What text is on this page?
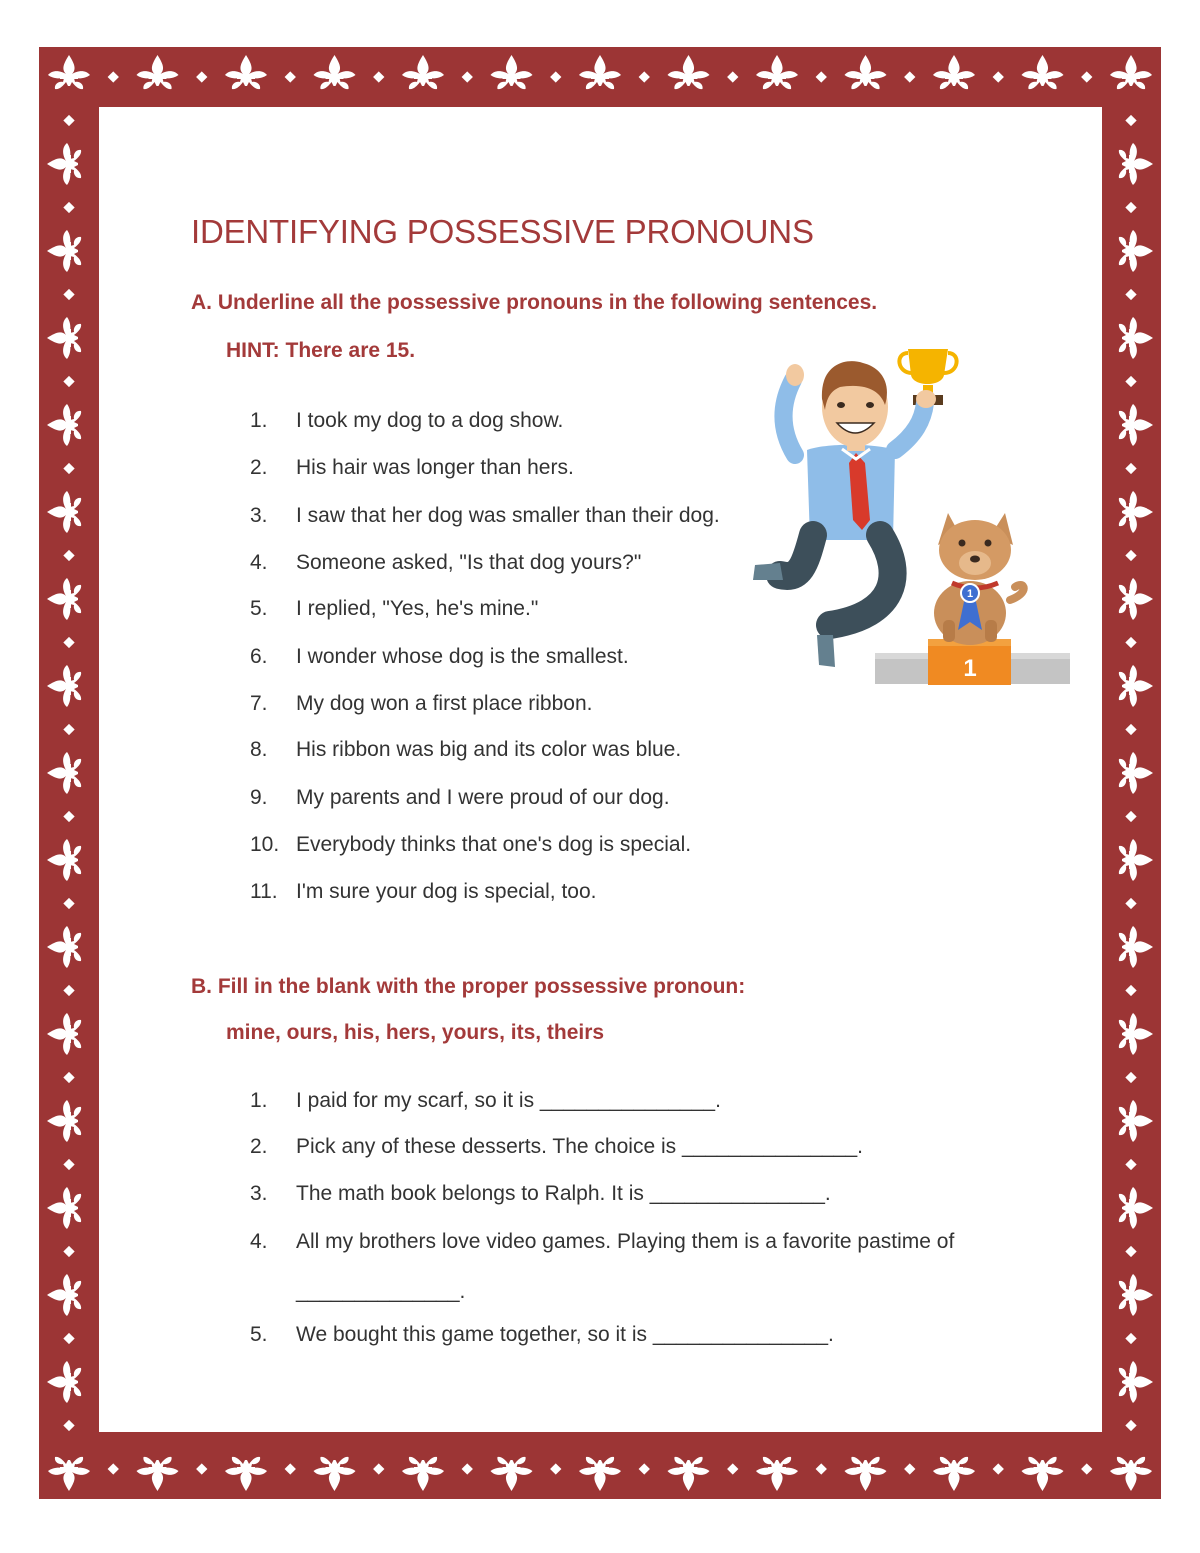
IDENTIFYING POSSESSIVE PRONOUNS
A. Underline all the possessive pronouns in the following sentences.
HINT: There are 15.
1. I took my dog to a dog show.
2. His hair was longer than hers.
3. I saw that her dog was smaller than their dog.
4. Someone asked, "Is that dog yours?"
5. I replied, "Yes, he's mine."
6. I wonder whose dog is the smallest.
7. My dog won a first place ribbon.
8. His ribbon was big and its color was blue.
9. My parents and I were proud of our dog.
10. Everybody thinks that one's dog is special.
11. I'm sure your dog is special, too.
B. Fill in the blank with the proper possessive pronoun:
mine, ours, his, hers, yours, its, theirs
1. I paid for my scarf, so it is _______________.
2. Pick any of these desserts. The choice is _______________.
3. The math book belongs to Ralph. It is _______________.
4. All my brothers love video games. Playing them is a favorite pastime of
______________.
5. We bought this game together, so it is _______________.
1
1
